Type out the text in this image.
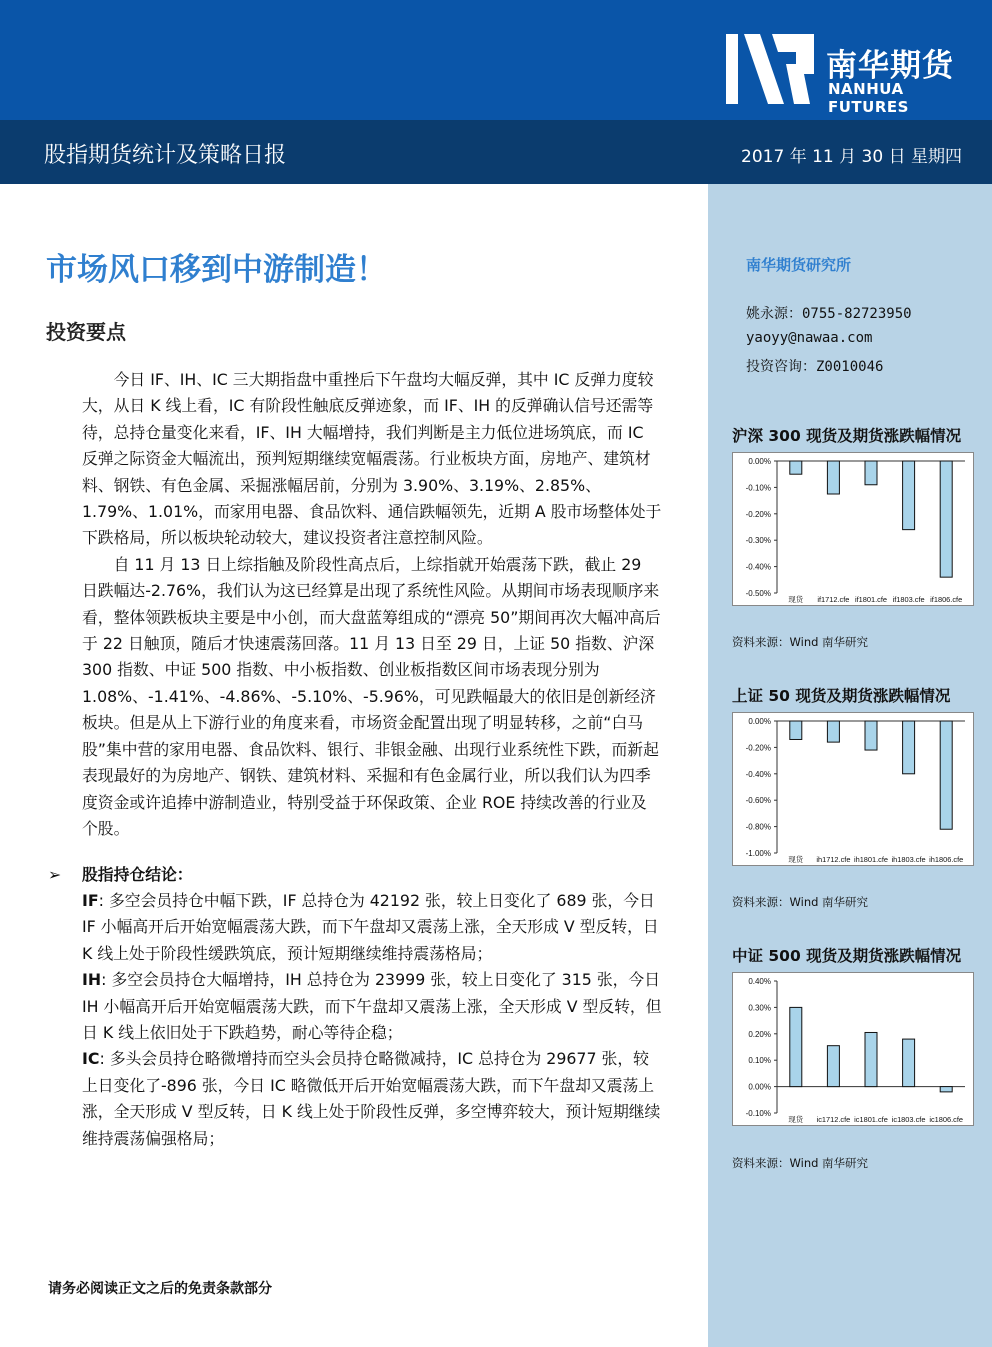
南华期货
NANHUA FUTURES
股指期货统计及策略日报	2017 年 11 月 30 日 星期四
市场风口移到中游制造！
投资要点

今日 IF、IH、IC 三大期指盘中重挫后下午盘均大幅反弹，其中 IC 反弹力度较大，从日 K 线上看，IC 有阶段性触底反弹迹象，而 IF、IH 的反弹确认信号还需等待，总持仓量变化来看，IF、IH 大幅增持，我们判断是主力低位进场筑底，而 IC 反弹之际资金大幅流出，预判短期继续宽幅震荡。行业板块方面，房地产、建筑材料、钢铁、有色金属、采掘涨幅居前，分别为 3.90%、3.19%、2.85%、1.79%、1.01%，而家用电器、食品饮料、通信跌幅领先，近期 A 股市场整体处于下跌格局，所以板块轮动较大，建议投资者注意控制风险。

自 11 月 13 日上综指触及阶段性高点后，上综指就开始震荡下跌，截止 29 日跌幅达-2.76%，我们认为这已经算是出现了系统性风险。从期间市场表现顺序来看，整体领跌板块主要是中小创，而大盘蓝筹组成的“漂亮 50”期间再次大幅冲高后于 22 日触顶，随后才快速震荡回落。11 月 13 日至 29 日，上证 50 指数、沪深 300 指数、中证 500 指数、中小板指数、创业板指数区间市场表现分别为 1.08%、-1.41%、-4.86%、-5.10%、-5.96%，可见跌幅最大的依旧是创新经济板块。但是从上下游行业的角度来看，市场资金配置出现了明显转移，之前“白马股”集中营的家用电器、食品饮料、银行、非银金融、出现行业系统性下跌，而新起表现最好的为房地产、钢铁、建筑材料、采掘和有色金属行业，所以我们认为四季度资金或许追捧中游制造业，特别受益于环保政策、企业 ROE 持续改善的行业及个股。

➢ 股指持仓结论：

IF: 多空会员持仓中幅下跌，IF 总持仓为 42192 张，较上日变化了 689 张，今日 IF 小幅高开后开始宽幅震荡大跌，而下午盘却又震荡上涨，全天形成 V 型反转，日 K 线上处于阶段性缓跌筑底，预计短期继续维持震荡格局；

IH: 多空会员持仓大幅增持，IH 总持仓为 23999 张，较上日变化了 315 张，今日 IH 小幅高开后开始宽幅震荡大跌，而下午盘却又震荡上涨，全天形成 V 型反转，但日 K 线上依旧处于下跌趋势，耐心等待企稳；

IC: 多头会员持仓略微增持而空头会员持仓略微减持，IC 总持仓为 29677 张，较上日变化了-896 张，今日 IC 略微低开后开始宽幅震荡大跌，而下午盘却又震荡上涨，全天形成 V 型反转，日 K 线上处于阶段性反弹，多空博弈较大，预计短期继续维持震荡偏强格局；

请务必阅读正文之后的免责条款部分
南华期货研究所
姚永源：0755-82723950
yaoyy@nawaa.com
投资咨询：Z0010046
沪深 300 现货及期货涨跌幅情况
0.00%
-0.10%
-0.20%
-0.30%
-0.40%
-0.50%
现货 if1712.cfe if1801.cfe if1803.cfe if1806.cfe
资料来源：Wind 南华研究
上证 50 现货及期货涨跌幅情况
0.00%
-0.20%
-0.40%
-0.60%
-0.80%
-1.00%
现货 ih1712.cfe ih1801.cfe ih1803.cfe ih1806.cfe
资料来源：Wind 南华研究
中证 500 现货及期货涨跌幅情况
0.40%
0.30%
0.20%
0.10%
0.00%
-0.10%
现货 ic1712.cfe ic1801.cfe ic1803.cfe ic1806.cfe
资料来源：Wind 南华研究
